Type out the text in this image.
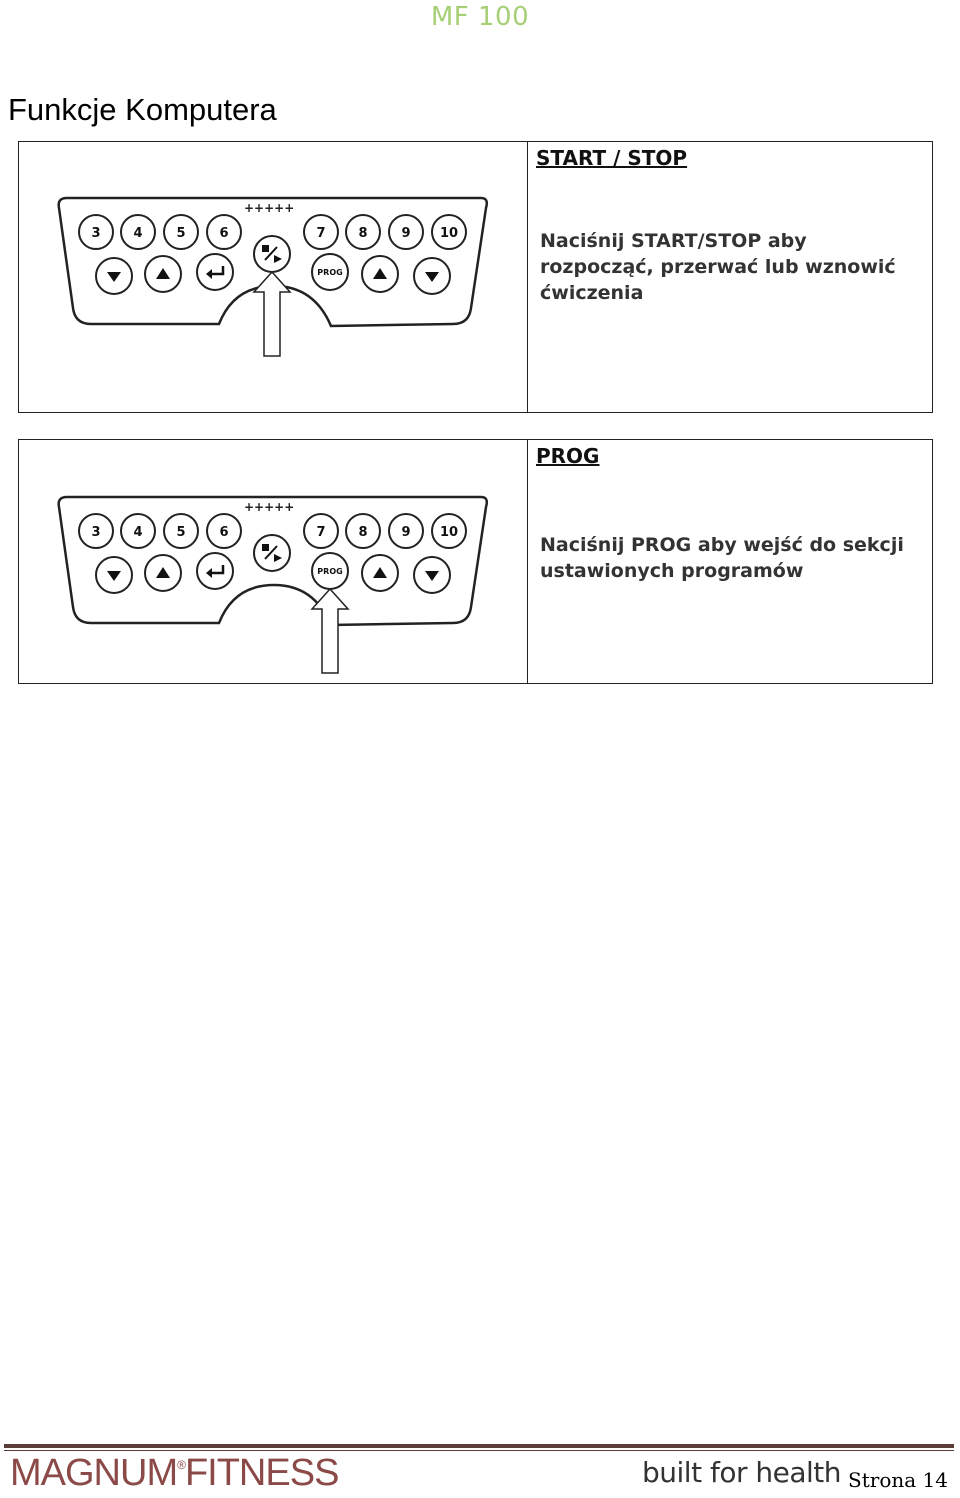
MF 100
Funkcje Komputera
+++++
3	4	5	6	7	8	9 10
PROG
START / STOP
Naciśnij START/STOP aby rozpocząć, przerwać lub wznowić ćwiczenia
+++++
3	4	5	6	7	8	9 10
PROG
PROG
Naciśnij PROG aby wejść do sekcji ustawionych programów
MAGNUM®FITNESS	built for health Strona 14
